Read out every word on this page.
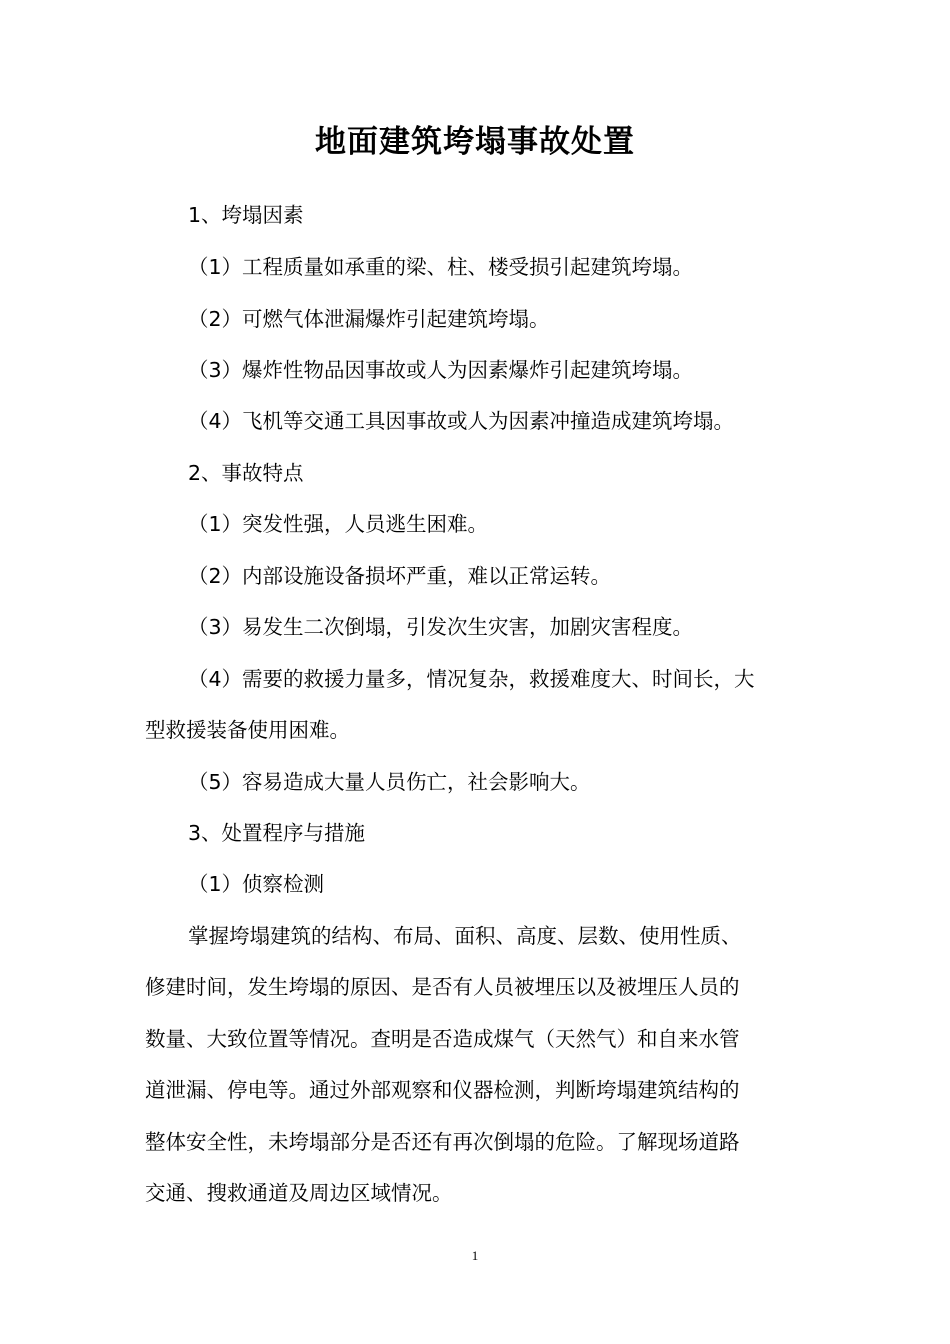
地面建筑垮塌事故处置
1、垮塌因素
（1）工程质量如承重的梁、柱、楼受损引起建筑垮塌。
（2）可燃气体泄漏爆炸引起建筑垮塌。
（3）爆炸性物品因事故或人为因素爆炸引起建筑垮塌。
（4）飞机等交通工具因事故或人为因素冲撞造成建筑垮塌。
2、事故特点
（1）突发性强，人员逃生困难。
（2）内部设施设备损坏严重，难以正常运转。
（3）易发生二次倒塌，引发次生灾害，加剧灾害程度。
（4）需要的救援力量多，情况复杂，救援难度大、时间长，大
型救援装备使用困难。
（5）容易造成大量人员伤亡，社会影响大。
3、处置程序与措施
（1）侦察检测
掌握垮塌建筑的结构、布局、面积、高度、层数、使用性质、
修建时间，发生垮塌的原因、是否有人员被埋压以及被埋压人员的
数量、大致位置等情况。查明是否造成煤气（天然气）和自来水管
道泄漏、停电等。通过外部观察和仪器检测，判断垮塌建筑结构的
整体安全性，未垮塌部分是否还有再次倒塌的危险。了解现场道路
交通、搜救通道及周边区域情况。
1
